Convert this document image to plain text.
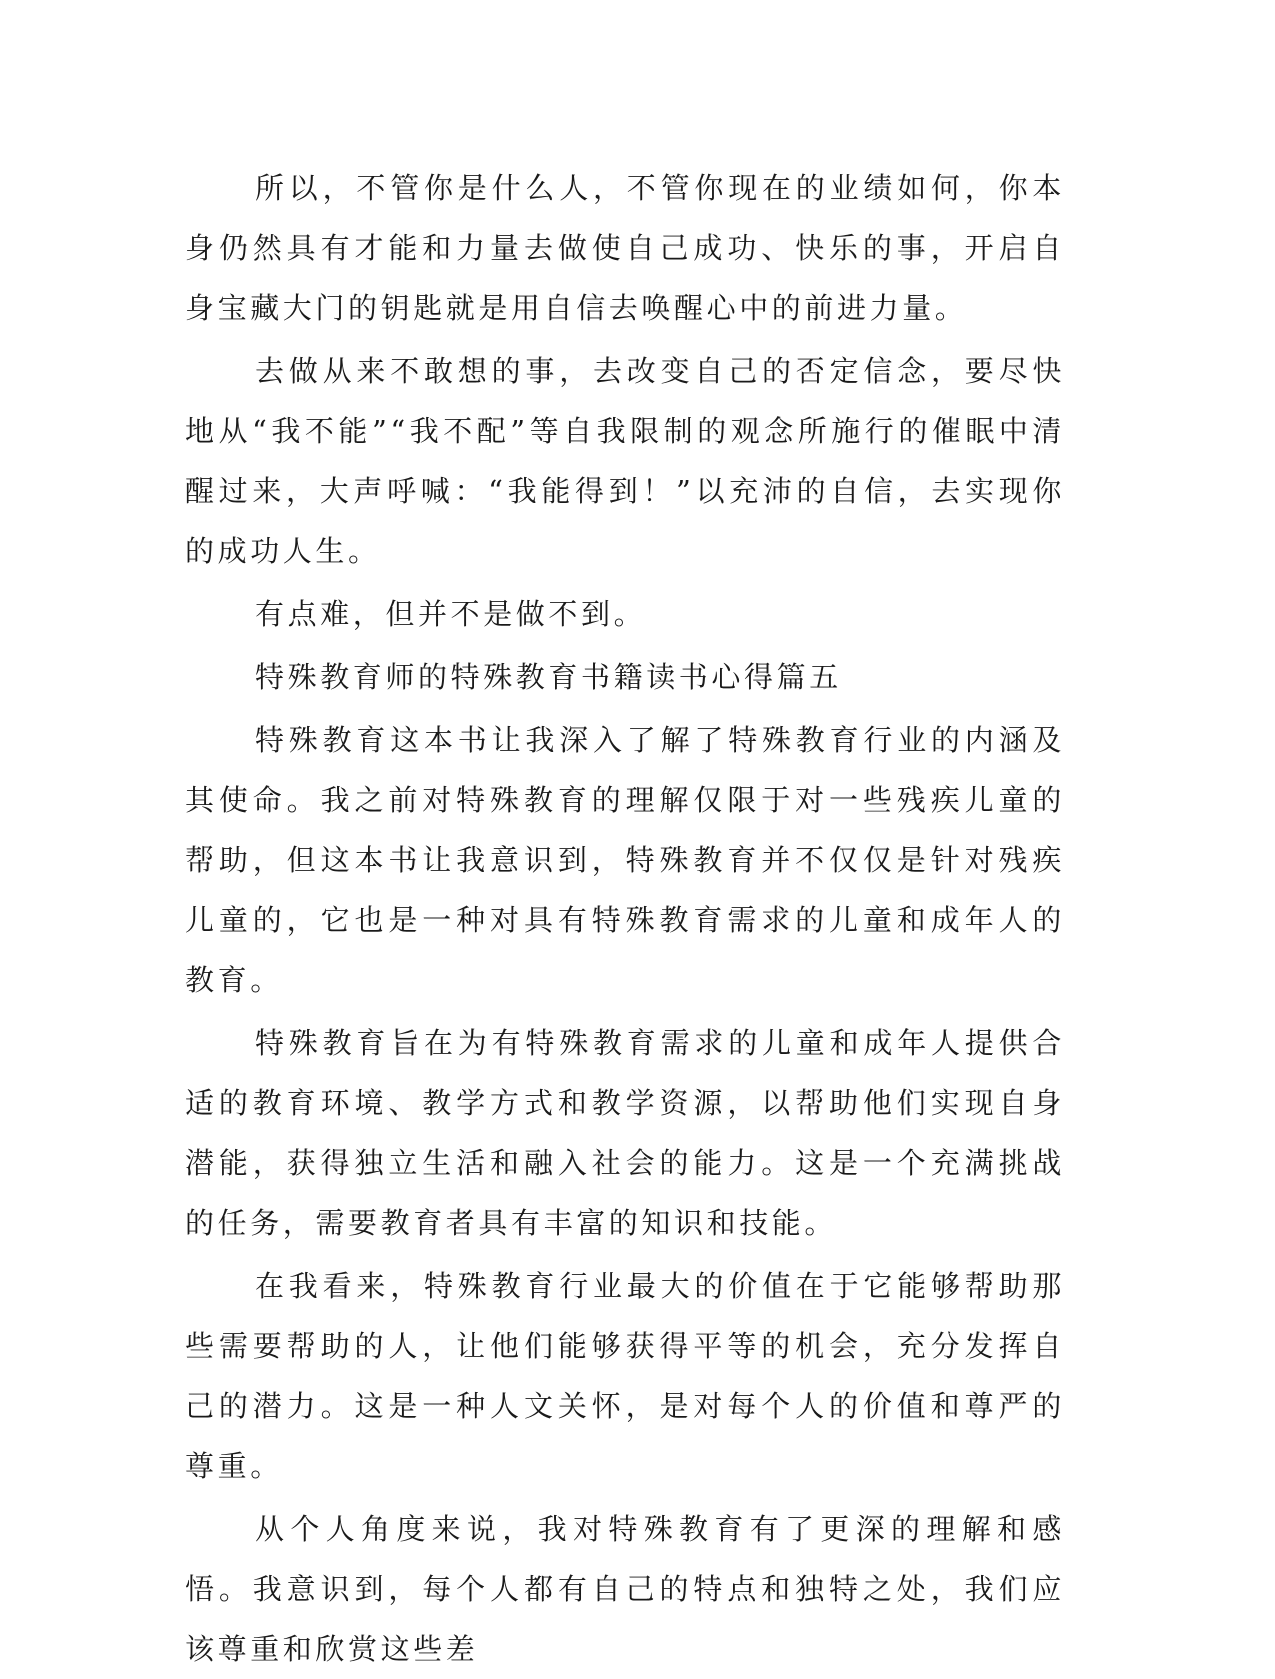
所以，不管你是什么人，不管你现在的业绩如何，你本身仍然具有才能和力量去做使自己成功、快乐的事，开启自身宝藏大门的钥匙就是用自信去唤醒心中的前进力量。

去做从来不敢想的事，去改变自己的否定信念，要尽快地从“我不能”“我不配”等自我限制的观念所施行的催眠中清醒过来，大声呼喊：“我能得到！”以充沛的自信，去实现你的成功人生。

有点难，但并不是做不到。

特殊教育师的特殊教育书籍读书心得篇五

特殊教育这本书让我深入了解了特殊教育行业的内涵及其使命。我之前对特殊教育的理解仅限于对一些残疾儿童的帮助，但这本书让我意识到，特殊教育并不仅仅是针对残疾儿童的，它也是一种对具有特殊教育需求的儿童和成年人的教育。

特殊教育旨在为有特殊教育需求的儿童和成年人提供合适的教育环境、教学方式和教学资源，以帮助他们实现自身潜能，获得独立生活和融入社会的能力。这是一个充满挑战的任务，需要教育者具有丰富的知识和技能。

在我看来，特殊教育行业最大的价值在于它能够帮助那些需要帮助的人，让他们能够获得平等的机会，充分发挥自己的潜力。这是一种人文关怀，是对每个人的价值和尊严的尊重。

从个人角度来说，我对特殊教育有了更深的理解和感悟。我意识到，每个人都有自己的特点和独特之处，我们应该尊重和欣赏这些差
